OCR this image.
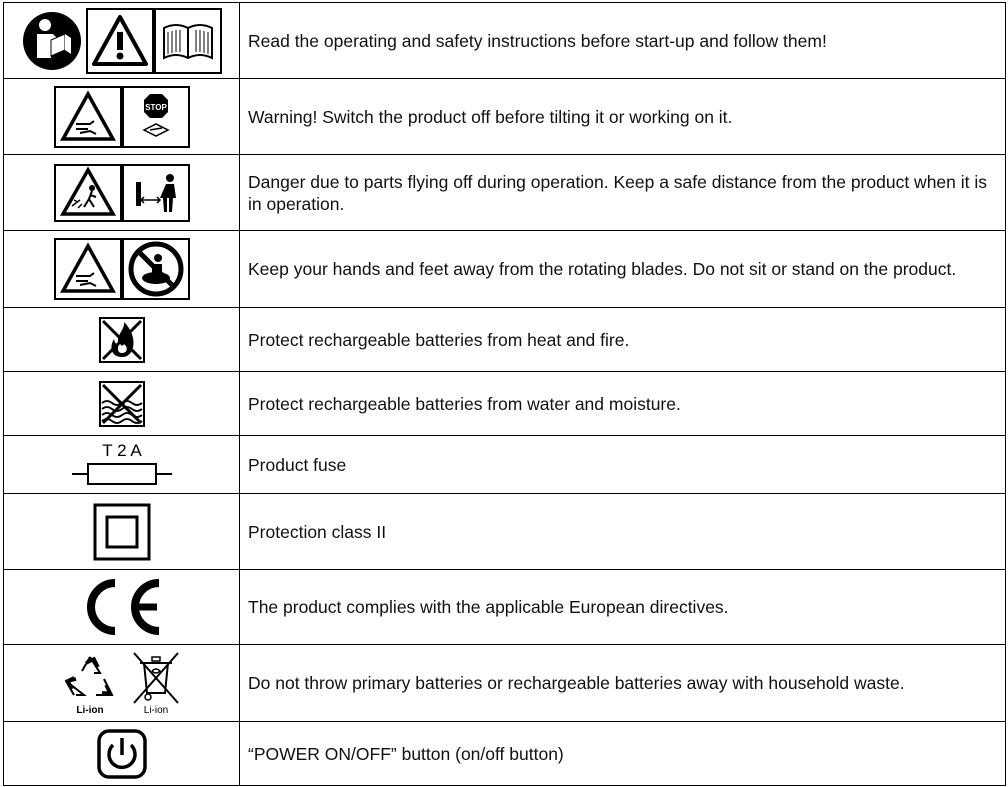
	Read the operating and safety instructions before start-up and follow them!

STOP	Warning! Switch the product off before tilting it or working on it.

	Danger due to parts flying off during operation. Keep a safe distance from the product when it is in operation.

	Keep your hands and feet away from the rotating blades. Do not sit or stand on the product.

	Protect rechargeable batteries from heat and fire.

	Protect rechargeable batteries from water and moisture.

T 2 A	Product fuse

	Protection class II

	The product complies with the applicable European directives.

Li-ion Li-ion	Do not throw primary batteries or rechargeable batteries away with household waste.

	“POWER ON/OFF” button (on/off button)
